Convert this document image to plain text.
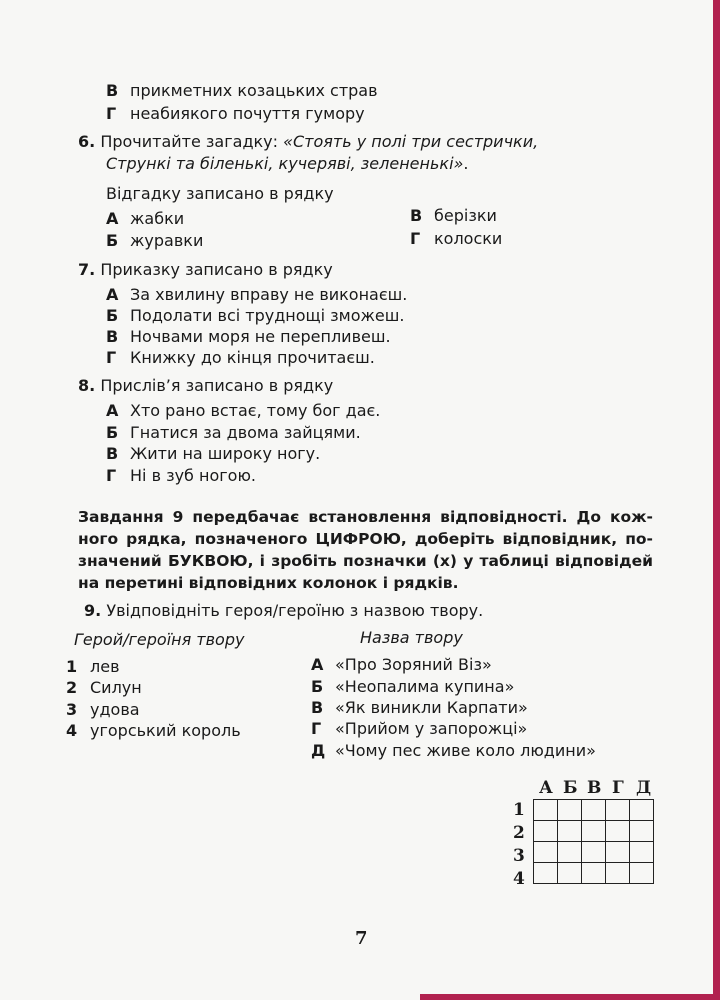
В прикметних козацьких страв
Г неабиякого почуття гумору
6. Прочитайте загадку: «Стоять у полі три сестрички,
Стрункі та біленькі, кучеряві, зелененькі».
Відгадку записано в рядку
А жабки
Б журавки
В берізки
Г колоски
7. Приказку записано в рядку
А За хвилину вправу не виконаєш.
Б Подолати всі труднощі зможеш.
В Ночвами моря не перепливеш.
Г Книжку до кінця прочитаєш.
8. Прислів’я записано в рядку
А Хто рано встає, тому бог дає.
Б Гнатися за двома зайцями.
В Жити на широку ногу.
Г Ні в зуб ногою.
Завдання 9 передбачає встановлення відповідності. До кож-
ного рядка, позначеного ЦИФРОЮ, доберіть відповідник, по-
значений БУКВОЮ, і зробіть позначки (х) у таблиці відповідей
на перетині відповідних колонок і рядків.
9. Увідповідніть героя/героїню з назвою твору.
Герой/героїня твору	Назва твору
1 лев
2 Силун
3 удова
4 угорський король
А «Про Зоряний Віз»
Б «Неопалима купина»
В «Як виникли Карпати»
Г «Прийом у запорожці»
Д «Чому пес живе коло людини»
А Б В Г Д
1
2
3
4

7
